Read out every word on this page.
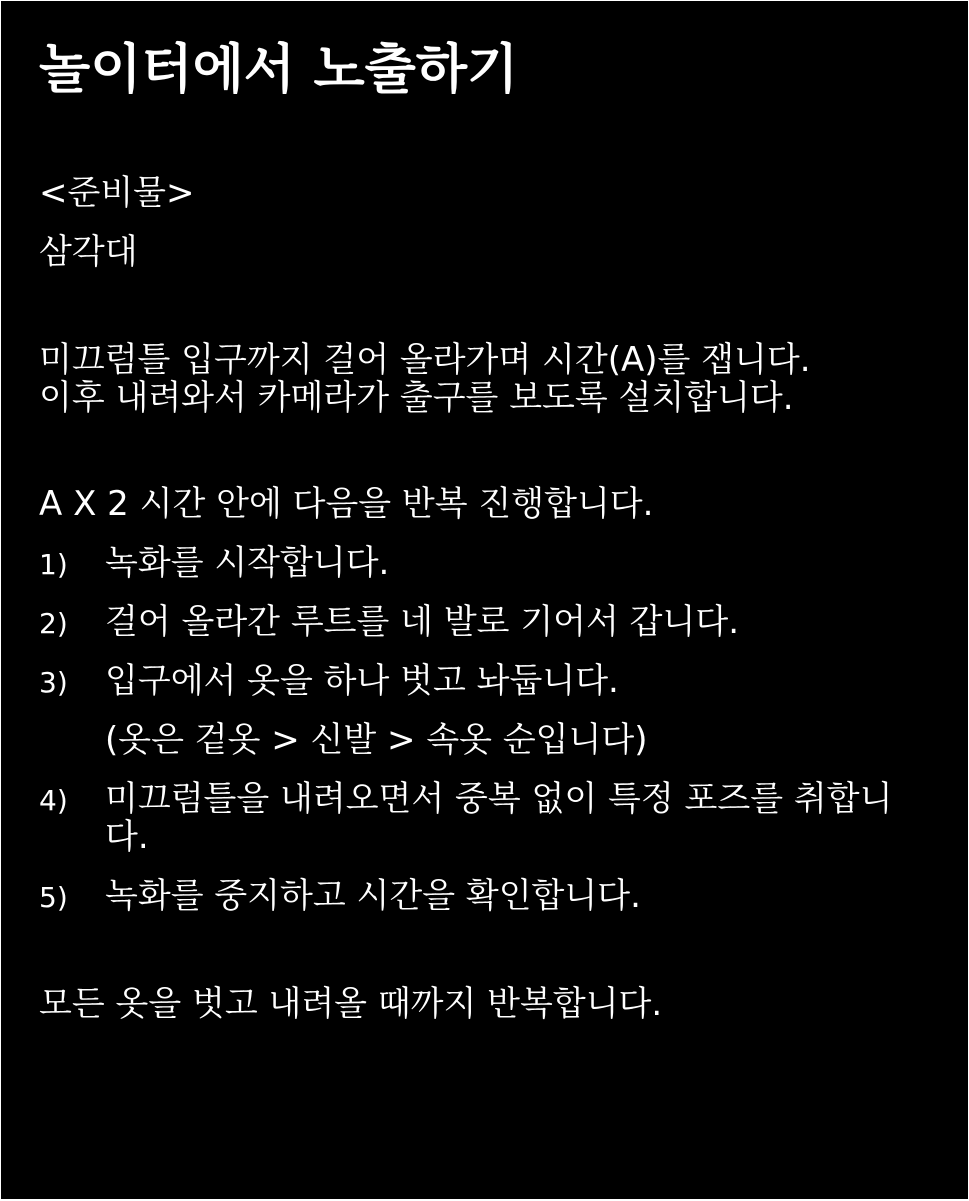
놀이터에서 노출하기

<준비물>

삼각대

미끄럼틀 입구까지 걸어 올라가며 시간(A)를 잽니다.

이후 내려와서 카메라가 출구를 보도록 설치합니다.

A X 2 시간 안에 다음을 반복 진행합니다.

1) 녹화를 시작합니다.
2) 걸어 올라간 루트를 네 발로 기어서 갑니다.
3) 입구에서 옷을 하나 벗고 놔둡니다.
(옷은 겉옷 > 신발 > 속옷 순입니다)
4) 미끄럼틀을 내려오면서 중복 없이 특정 포즈를 취합니다.
5) 녹화를 중지하고 시간을 확인합니다.

모든 옷을 벗고 내려올 때까지 반복합니다.
